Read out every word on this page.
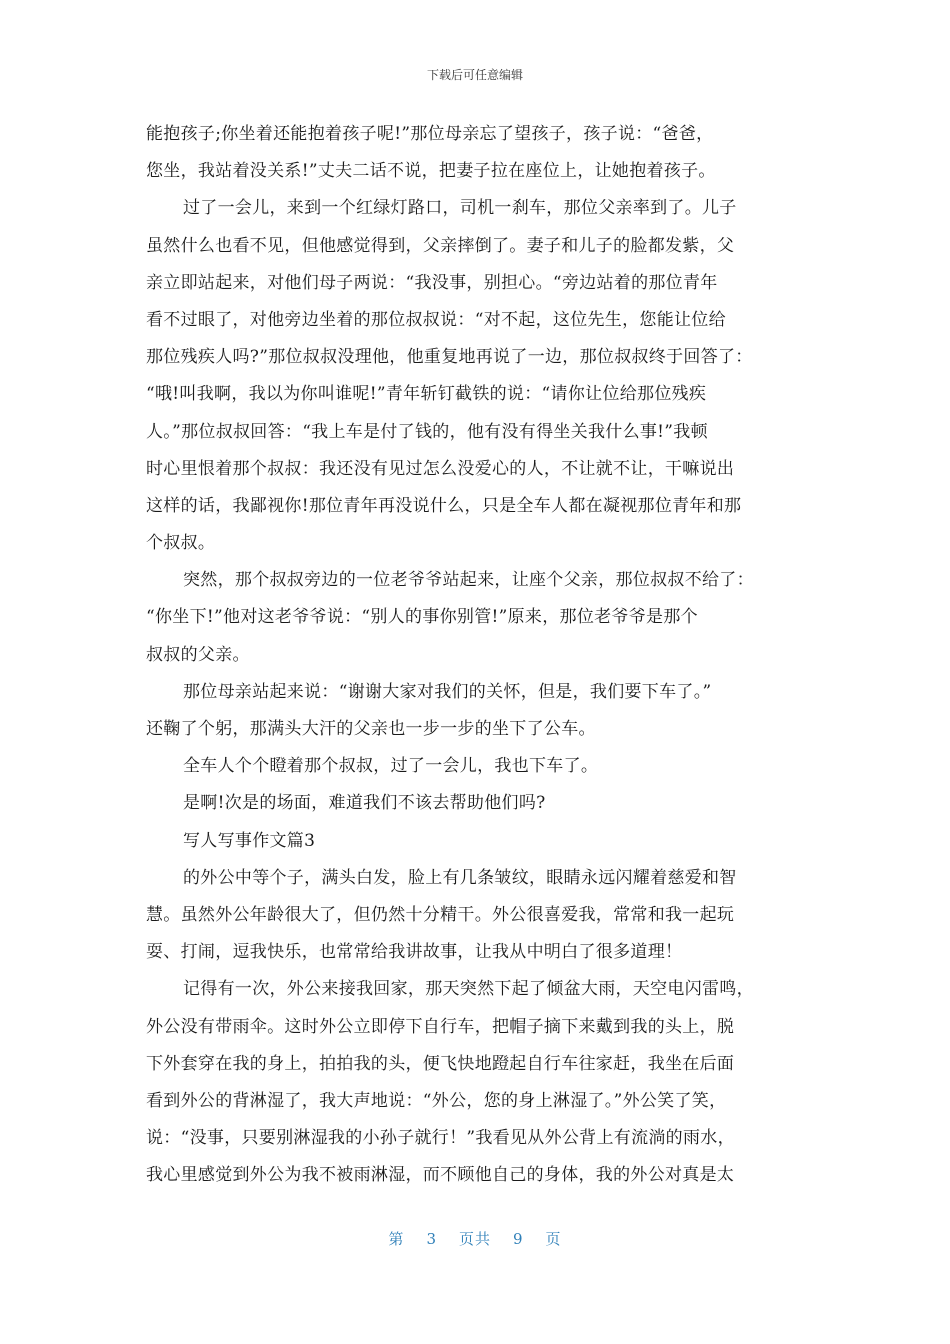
下载后可任意编辑
能抱孩子;你坐着还能抱着孩子呢!”那位母亲忘了望孩子，孩子说：“爸爸，
您坐，我站着没关系!”丈夫二话不说，把妻子拉在座位上，让她抱着孩子。
过了一会儿，来到一个红绿灯路口，司机一刹车，那位父亲率到了。儿子
虽然什么也看不见，但他感觉得到，父亲摔倒了。妻子和儿子的脸都发紫，父
亲立即站起来，对他们母子两说：“我没事，别担心。“旁边站着的那位青年
看不过眼了，对他旁边坐着的那位叔叔说：“对不起，这位先生，您能让位给
那位残疾人吗?”那位叔叔没理他，他重复地再说了一边，那位叔叔终于回答了：
“哦!叫我啊，我以为你叫谁呢!”青年斩钉截铁的说：“请你让位给那位残疾
人。”那位叔叔回答：“我上车是付了钱的，他有没有得坐关我什么事!”我顿
时心里恨着那个叔叔：我还没有见过怎么没爱心的人，不让就不让，干嘛说出
这样的话，我鄙视你!那位青年再没说什么，只是全车人都在凝视那位青年和那
个叔叔。
突然，那个叔叔旁边的一位老爷爷站起来，让座个父亲，那位叔叔不给了：
“你坐下!”他对这老爷爷说：“别人的事你别管!”原来，那位老爷爷是那个
叔叔的父亲。
那位母亲站起来说：“谢谢大家对我们的关怀，但是，我们要下车了。”
还鞠了个躬，那满头大汗的父亲也一步一步的坐下了公车。
全车人个个瞪着那个叔叔，过了一会儿，我也下车了。
是啊!次是的场面，难道我们不该去帮助他们吗?
写人写事作文篇3
的外公中等个子，满头白发，脸上有几条皱纹，眼睛永远闪耀着慈爱和智
慧。虽然外公年龄很大了，但仍然十分精干。外公很喜爱我，常常和我一起玩
耍、打闹，逗我快乐，也常常给我讲故事，让我从中明白了很多道理！
记得有一次，外公来接我回家，那天突然下起了倾盆大雨，天空电闪雷鸣，
外公没有带雨伞。这时外公立即停下自行车，把帽子摘下来戴到我的头上，脱
下外套穿在我的身上，拍拍我的头，便飞快地蹬起自行车往家赶，我坐在后面
看到外公的背淋湿了，我大声地说：“外公，您的身上淋湿了。”外公笑了笑，
说：“没事，只要别淋湿我的小孙子就行！”我看见从外公背上有流淌的雨水，
我心里感觉到外公为我不被雨淋湿，而不顾他自己的身体，我的外公对真是太
第 3 页共 9 页
